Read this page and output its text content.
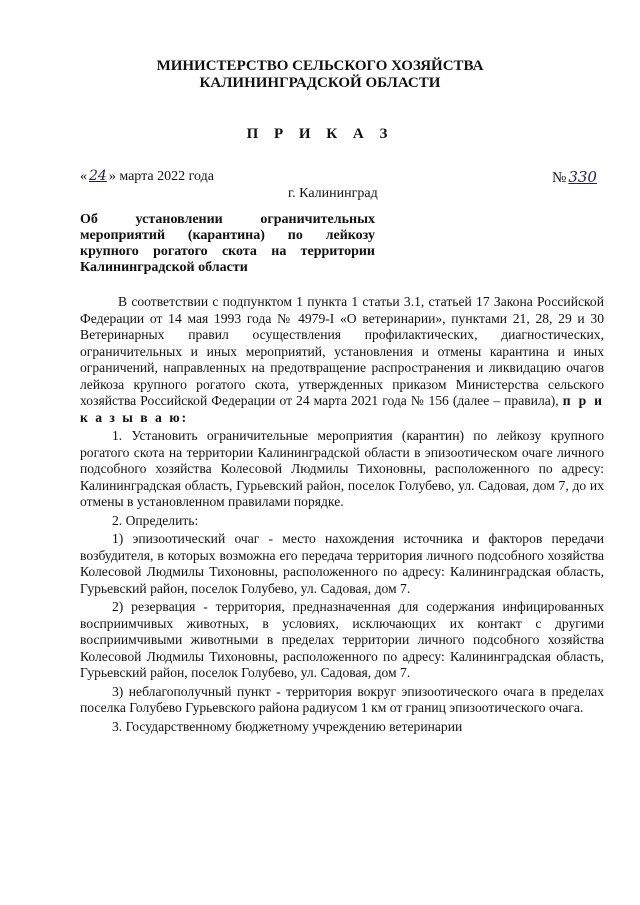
МИНИСТЕРСТВО СЕЛЬСКОГО ХОЗЯЙСТВА
КАЛИНИНГРАДСКОЙ ОБЛАСТИ
П Р И К А З
« 24 » марта 2022 года
г. Калининград
№ 330
Об установлении ограничительных мероприятий (карантина) по лейкозу крупного рогатого скота на территории Калининградской области

В соответствии с подпунктом 1 пункта 1 статьи 3.1, статьей 17 Закона Российской Федерации от 14 мая 1993 года № 4979-I «О ветеринарии», пунктами 21, 28, 29 и 30 Ветеринарных правил осуществления профилактических, диагностических, ограничительных и иных мероприятий, установления и отмены карантина и иных ограничений, направленных на предотвращение распространения и ликвидацию очагов лейкоза крупного рогатого скота, утвержденных приказом Министерства сельского хозяйства Российской Федерации от 24 марта 2021 года № 156 (далее – правила), п р и к а з ы в а ю:

1. Установить ограничительные мероприятия (карантин) по лейкозу крупного рогатого скота на территории Калининградской области в эпизоотическом очаге личного подсобного хозяйства Колесовой Людмилы Тихоновны, расположенного по адресу: Калининградская область, Гурьевский район, поселок Голубево, ул. Садовая, дом 7, до их отмены в установленном правилами порядке.

2. Определить:

1) эпизоотический очаг - место нахождения источника и факторов передачи возбудителя, в которых возможна его передача территория личного подсобного хозяйства Колесовой Людмилы Тихоновны, расположенного по адресу: Калининградская область, Гурьевский район, поселок Голубево, ул. Садовая, дом 7.

2) резервация - территория, предназначенная для содержания инфицированных восприимчивых животных, в условиях, исключающих их контакт с другими восприимчивыми животными в пределах территории личного подсобного хозяйства Колесовой Людмилы Тихоновны, расположенного по адресу: Калининградская область, Гурьевский район, поселок Голубево, ул. Садовая, дом 7.

3) неблагополучный пункт - территория вокруг эпизоотического очага в пределах поселка Голубево Гурьевского района радиусом 1 км от границ эпизоотического очага.

3. Государственному бюджетному учреждению ветеринарии
